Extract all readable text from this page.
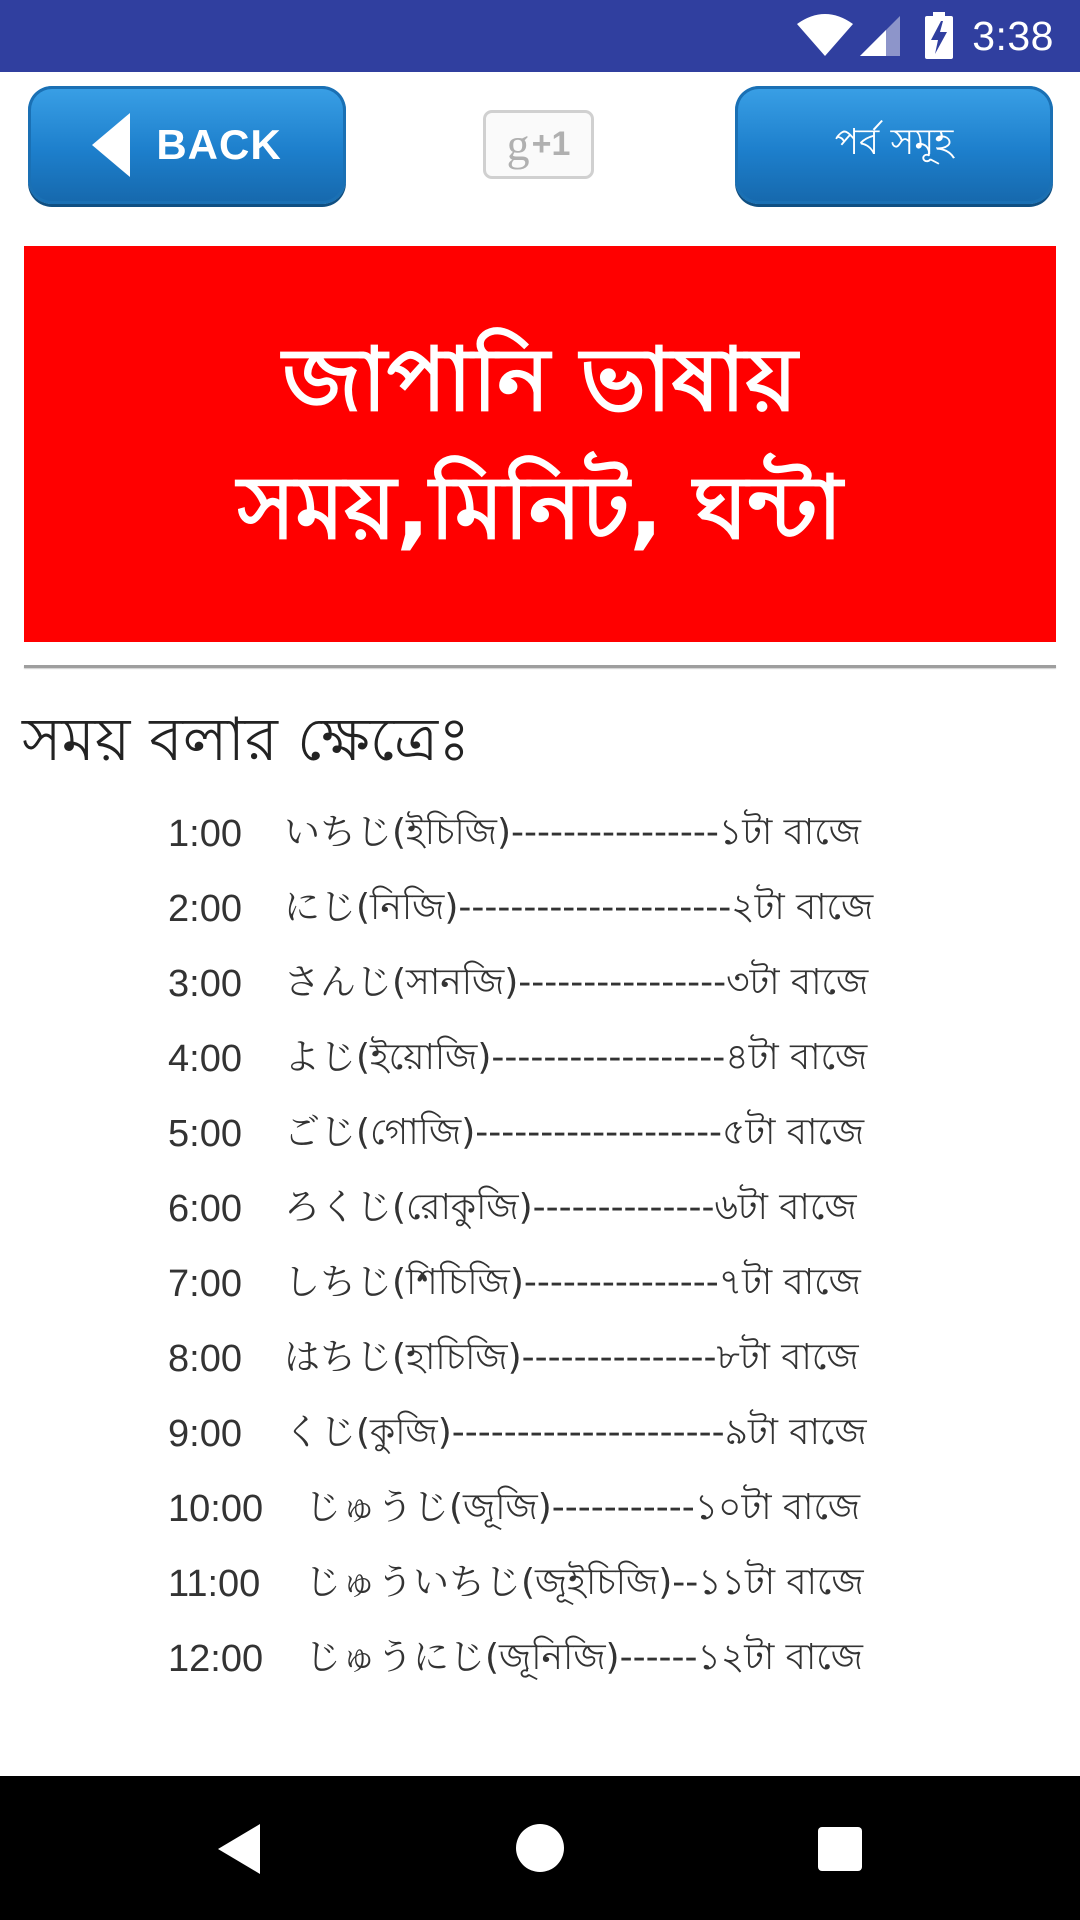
3:38
BACK	g +1	পর্ব সমূহ
জাপানি ভাষায়
সময়,মিনিট, ঘন্টা
সময় বলার ক্ষেত্রেঃ
1:00	いちじ(ইচিজি)----------------১টা বাজে
2:00	にじ(নিজি)---------------------২টা বাজে
3:00	さんじ(সানজি)----------------৩টা বাজে
4:00	よじ(ইয়োজি)------------------৪টা বাজে
5:00	ごじ(গোজি)-------------------৫টা বাজে
6:00	ろくじ(রোকুজি)--------------৬টা বাজে
7:00	しちじ(শিচিজি)---------------৭টা বাজে
8:00	はちじ(হাচিজি)---------------৮টা বাজে
9:00	くじ(কুজি)---------------------৯টা বাজে
10:00	じゅうじ(জূজি)-----------১০টা বাজে
11:00	じゅういちじ(জূইচিজি)--১১টা বাজে
12:00	じゅうにじ(জূনিজি)------১২টা বাজে
